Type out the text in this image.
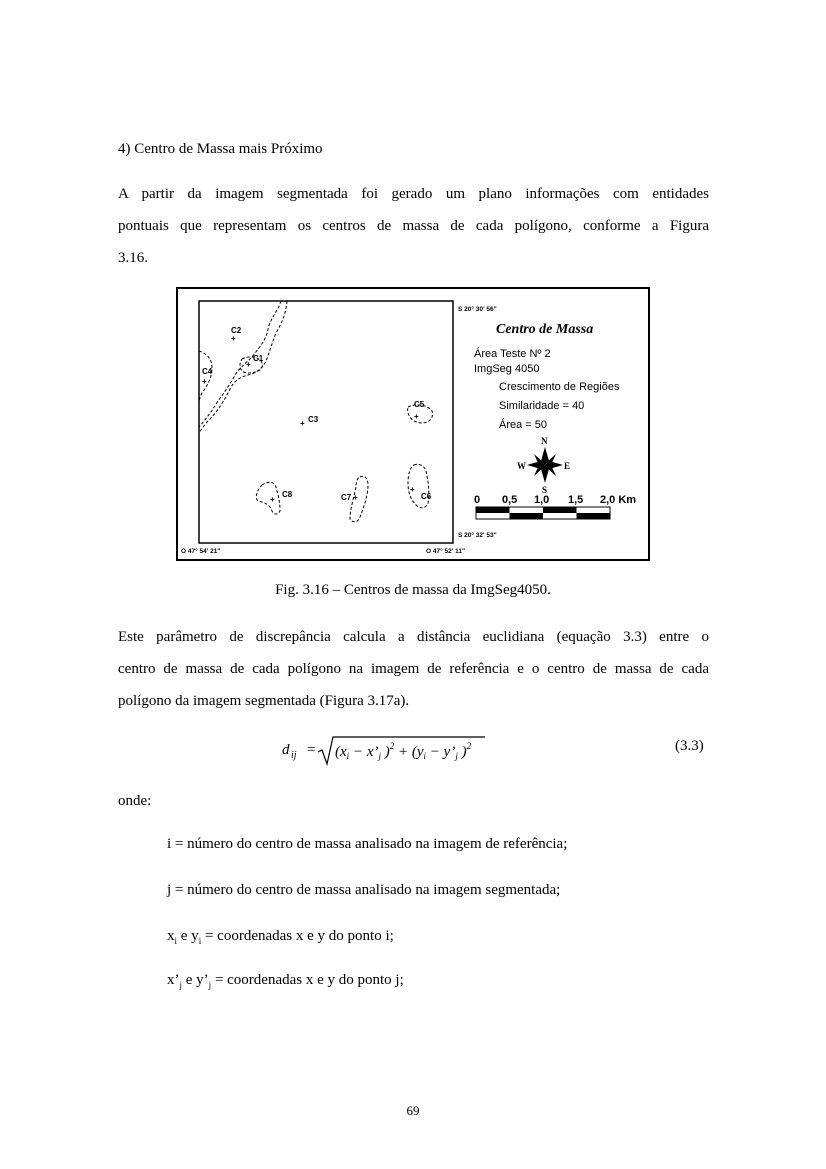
4) Centro de Massa mais Próximo
A partir da imagem segmentada foi gerado um plano informações com entidades
pontuais que representam os centros de massa de cada polígono, conforme a Figura
3.16.
+
C2
+
C1
+
C4
+ C3	+
C5
+
C8	+
C7
+
C6
S 20° 30' 56"
S 20° 32' 53"
O 47° 54' 21"	O 47° 52' 11"
Centro de Massa
Área Teste Nº 2
ImgSeg 4050
Crescimento de Regiões
Similaridade = 40
Área = 50
N
S
E
W
0 0,5 1,0 1,5 2,0 Km
Fig. 3.16 – Centros de massa da ImgSeg4050.
Este parâmetro de discrepância calcula a distância euclidiana (equação 3.3) entre o
centro de massa de cada polígono na imagem de referência e o centro de massa de cada
polígono da imagem segmentada (Figura 3.17a).
d ij = ($x_i$ − $x’_j$ )$^2 + (y_i$ − $y’_j$ )$^2$	(3.3)
onde:
i = número do centro de massa analisado na imagem de referência;
j = número do centro de massa analisado na imagem segmentada;
$x_i$ e $y_i$ = coordenadas x e y do ponto i;
$x’_j$ e $y’_j$ = coordenadas x e y do ponto j;
69
